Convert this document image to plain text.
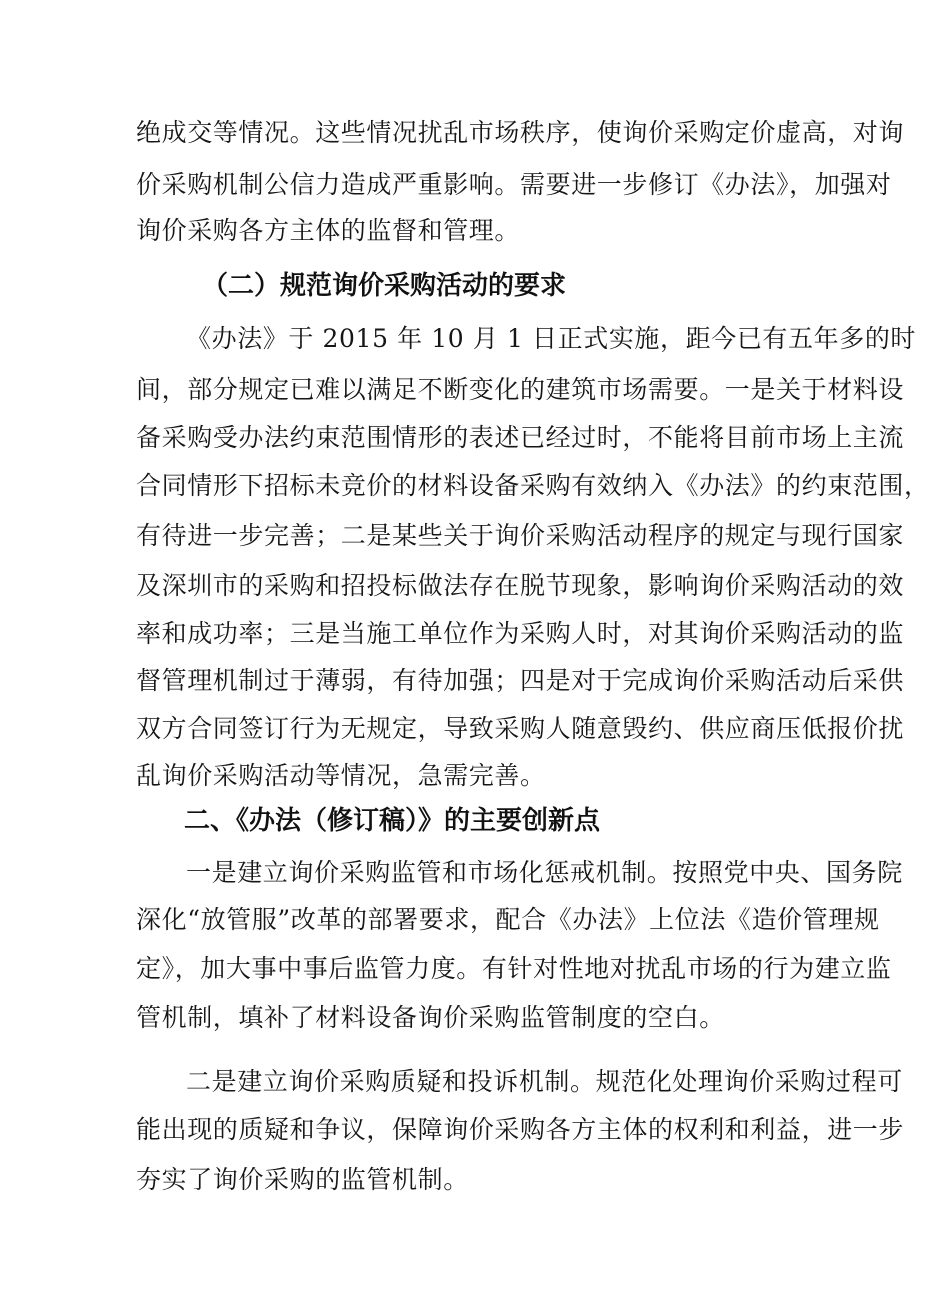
绝成交等情况。这些情况扰乱市场秩序，使询价采购定价虚高，对询

价采购机制公信力造成严重影响。需要进一步修订《办法》，加强对

询价采购各方主体的监督和管理。

（二）规范询价采购活动的要求

《办法》于 2015 年 10 月 1 日正式实施，距今已有五年多的时

间，部分规定已难以满足不断变化的建筑市场需要。一是关于材料设

备采购受办法约束范围情形的表述已经过时，不能将目前市场上主流

合同情形下招标未竞价的材料设备采购有效纳入《办法》的约束范围，

有待进一步完善；二是某些关于询价采购活动程序的规定与现行国家

及深圳市的采购和招投标做法存在脱节现象，影响询价采购活动的效

率和成功率；三是当施工单位作为采购人时，对其询价采购活动的监

督管理机制过于薄弱，有待加强；四是对于完成询价采购活动后采供

双方合同签订行为无规定，导致采购人随意毁约、供应商压低报价扰

乱询价采购活动等情况，急需完善。

二、《办法（修订稿）》的主要创新点

一是建立询价采购监管和市场化惩戒机制。按照党中央、国务院

深化“放管服”改革的部署要求，配合《办法》上位法《造价管理规

定》，加大事中事后监管力度。有针对性地对扰乱市场的行为建立监

管机制，填补了材料设备询价采购监管制度的空白。

二是建立询价采购质疑和投诉机制。规范化处理询价采购过程可

能出现的质疑和争议，保障询价采购各方主体的权利和利益，进一步

夯实了询价采购的监管机制。
